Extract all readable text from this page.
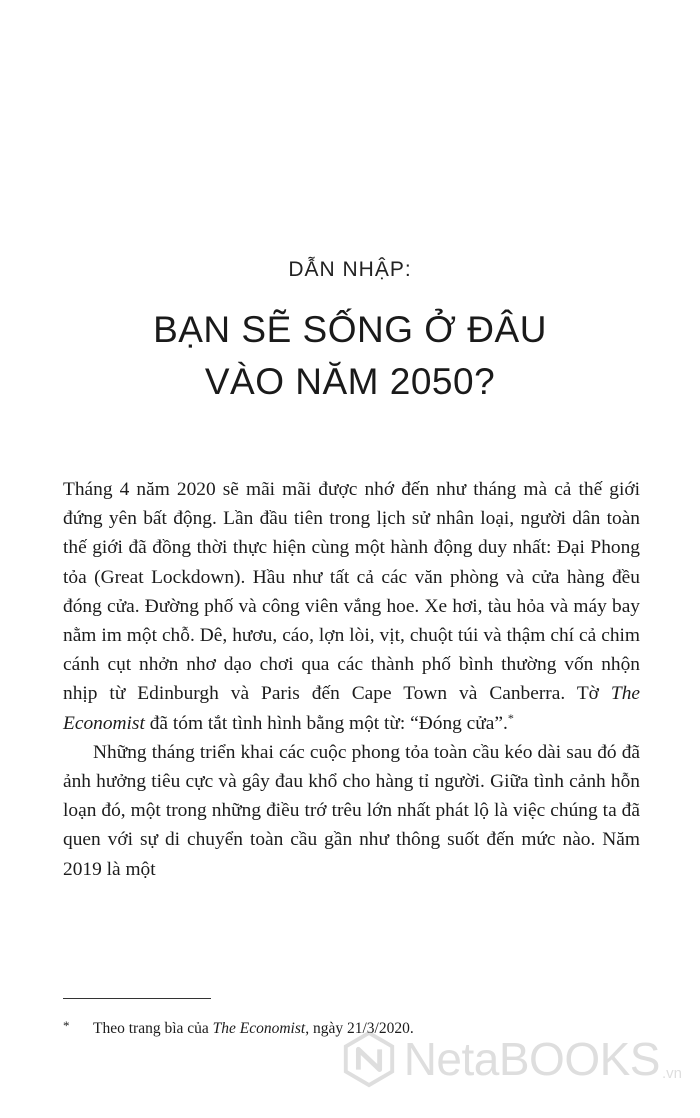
DẪN NHẬP:
BẠN SẼ SỐNG Ở ĐÂU
VÀO NĂM 2050?

Tháng 4 năm 2020 sẽ mãi mãi được nhớ đến như tháng mà cả thế giới đứng yên bất động. Lần đầu tiên trong lịch sử nhân loại, người dân toàn thế giới đã đồng thời thực hiện cùng một hành động duy nhất: Đại Phong tỏa (Great Lockdown). Hầu như tất cả các văn phòng và cửa hàng đều đóng cửa. Đường phố và công viên vắng hoe. Xe hơi, tàu hỏa và máy bay nằm im một chỗ. Dê, hươu, cáo, lợn lòi, vịt, chuột túi và thậm chí cả chim cánh cụt nhởn nhơ dạo chơi qua các thành phố bình thường vốn nhộn nhịp từ Edinburgh và Paris đến Cape Town và Canberra. Tờ The Economist đã tóm tắt tình hình bằng một từ: “Đóng cửa”.*

Những tháng triển khai các cuộc phong tỏa toàn cầu kéo dài sau đó đã ảnh hưởng tiêu cực và gây đau khổ cho hàng tỉ người. Giữa tình cảnh hỗn loạn đó, một trong những điều trớ trêu lớn nhất phát lộ là việc chúng ta đã quen với sự di chuyển toàn cầu gần như thông suốt đến mức nào. Năm 2019 là một

* Theo trang bìa của The Economist, ngày 21/3/2020.
NetaBOOKS .vn
